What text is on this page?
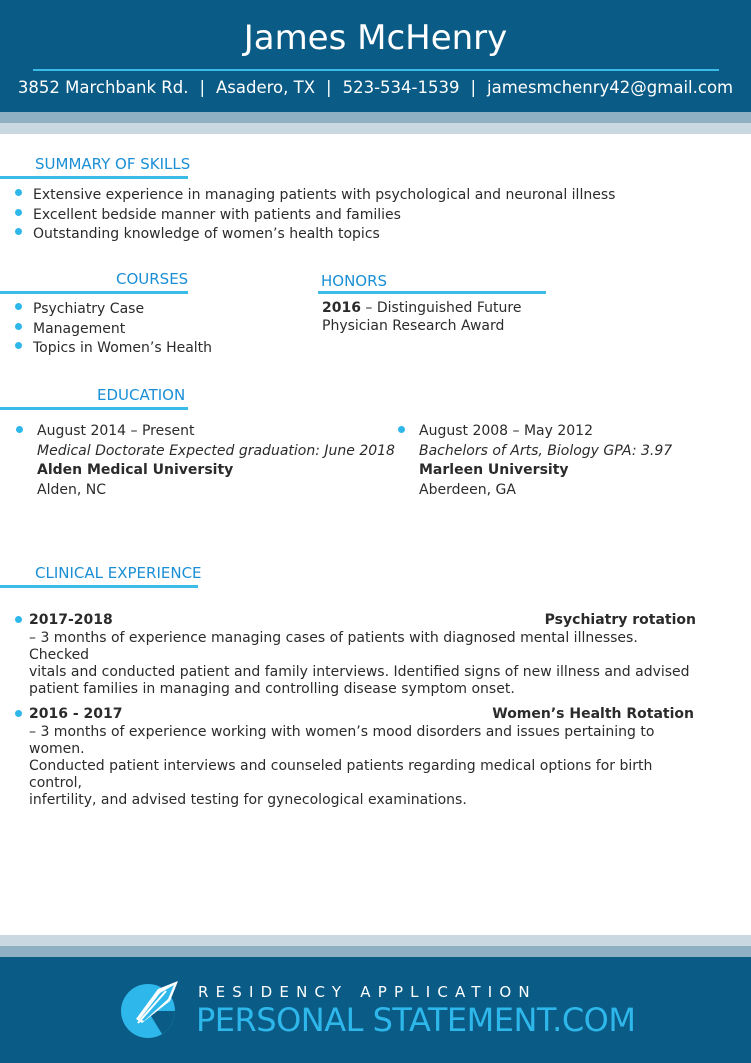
James McHenry
3852 Marchbank Rd. | Asadero, TX | 523-534-1539 | jamesmchenry42@gmail.com
SUMMARY OF SKILLS
Extensive experience in managing patients with psychological and neuronal illness
Excellent bedside manner with patients and families
Outstanding knowledge of women’s health topics
COURSES
Psychiatry Case
Management
Topics in Women’s Health
HONORS
2016 – Distinguished Future
Physician Research Award
EDUCATION
August 2014 – Present
Medical Doctorate Expected graduation: June 2018
Alden Medical University
Alden, NC
August 2008 – May 2012
Bachelors of Arts, Biology GPA: 3.97
Marleen University
Aberdeen, GA
CLINICAL EXPERIENCE
2017-2018	Psychiatry rotation
– 3 months of experience managing cases of patients with diagnosed mental illnesses. Checked
vitals and conducted patient and family interviews. Identified signs of new illness and advised
patient families in managing and controlling disease symptom onset.
2016 - 2017	Women’s Health Rotation
– 3 months of experience working with women’s mood disorders and issues pertaining to women.
Conducted patient interviews and counseled patients regarding medical options for birth control,
infertility, and advised testing for gynecological examinations.
RESIDENCY APPLICATION
PERSONAL STATEMENT.COM
